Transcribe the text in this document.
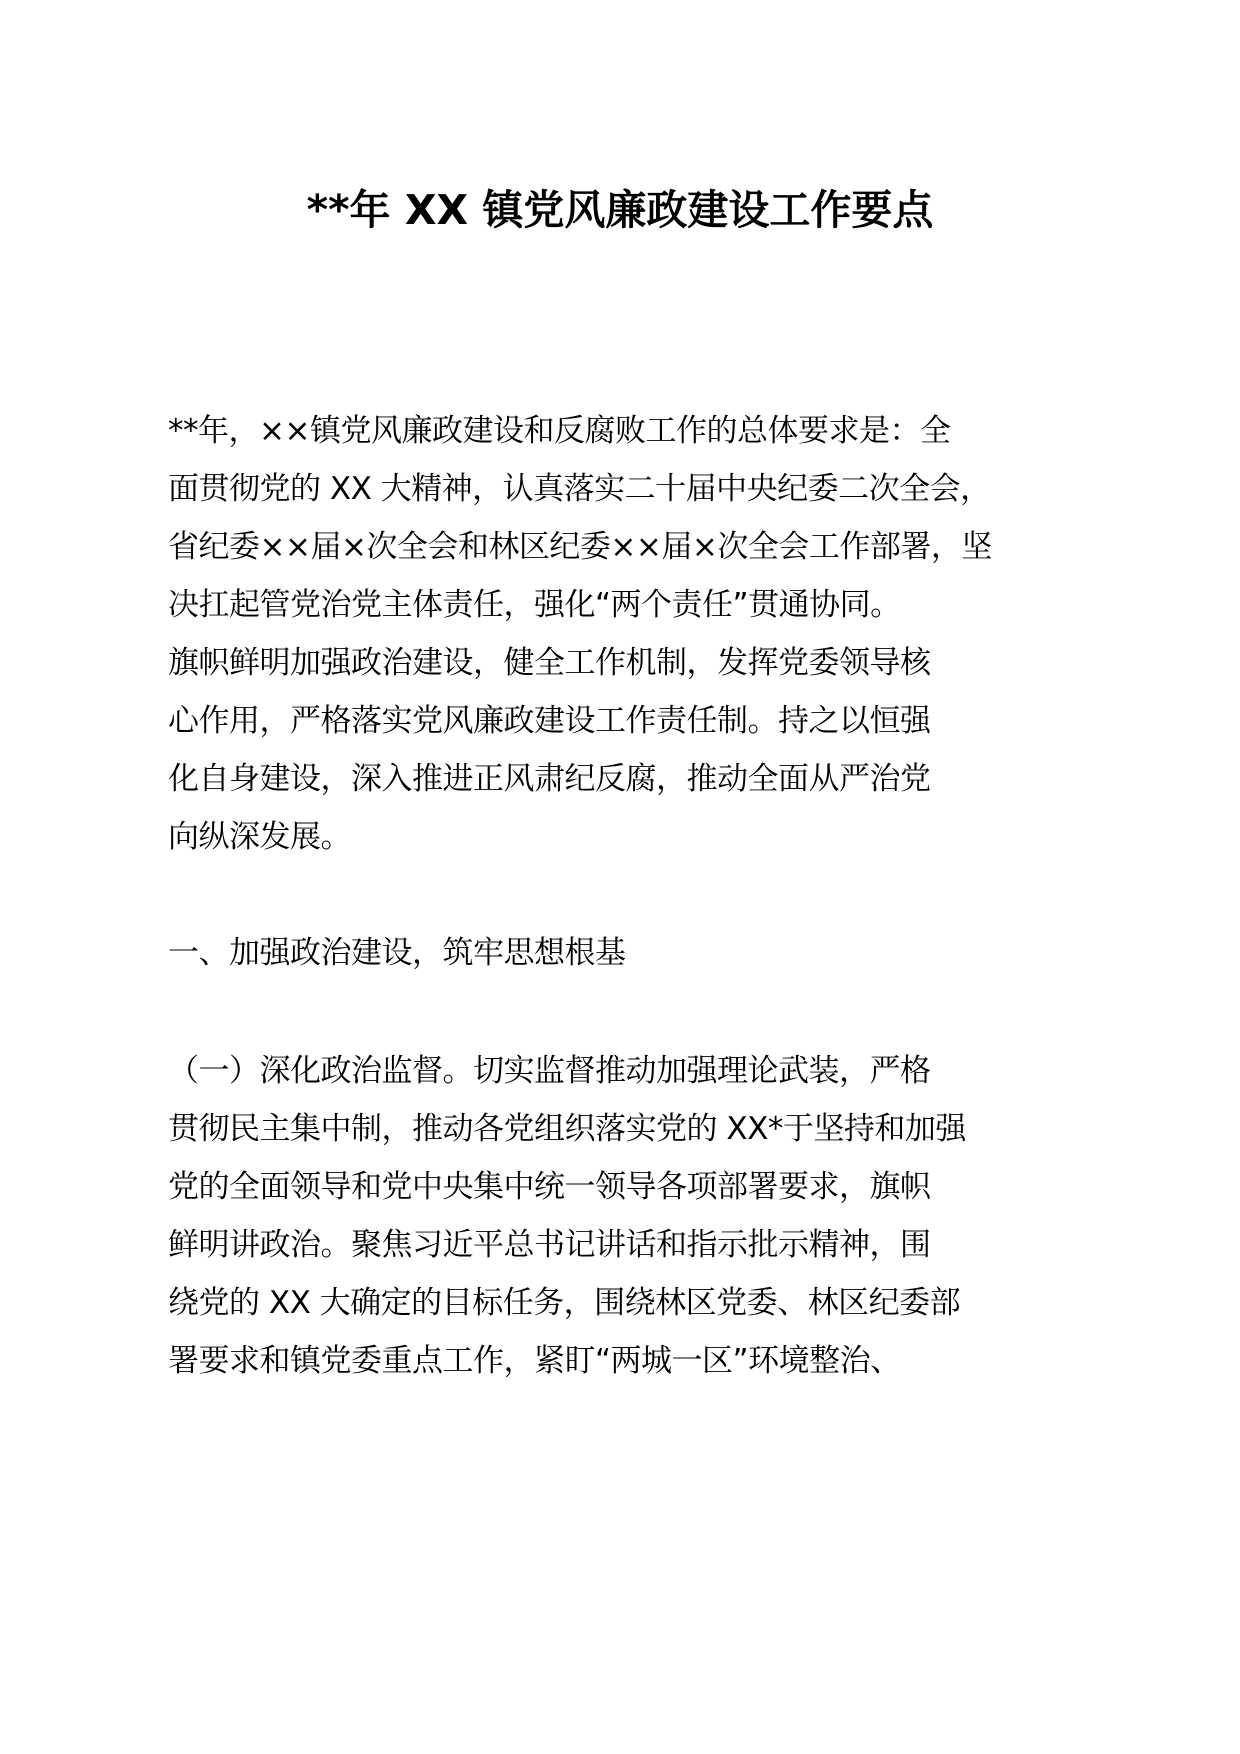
**年 XX 镇党风廉政建设工作要点
**年，××镇党风廉政建设和反腐败工作的总体要求是：全
面贯彻党的 XX 大精神，认真落实二十届中央纪委二次全会，
省纪委××届×次全会和林区纪委××届×次全会工作部署，坚
决扛起管党治党主体责任，强化“两个责任”贯通协同。
旗帜鲜明加强政治建设，健全工作机制，发挥党委领导核
心作用，严格落实党风廉政建设工作责任制。持之以恒强
化自身建设，深入推进正风肃纪反腐，推动全面从严治党
向纵深发展。
一、加强政治建设，筑牢思想根基
（一）深化政治监督。切实监督推动加强理论武装，严格
贯彻民主集中制，推动各党组织落实党的 XX*于坚持和加强
党的全面领导和党中央集中统一领导各项部署要求，旗帜
鲜明讲政治。聚焦习近平总书记讲话和指示批示精神，围
绕党的 XX 大确定的目标任务，围绕林区党委、林区纪委部
署要求和镇党委重点工作，紧盯“两城一区”环境整治、
